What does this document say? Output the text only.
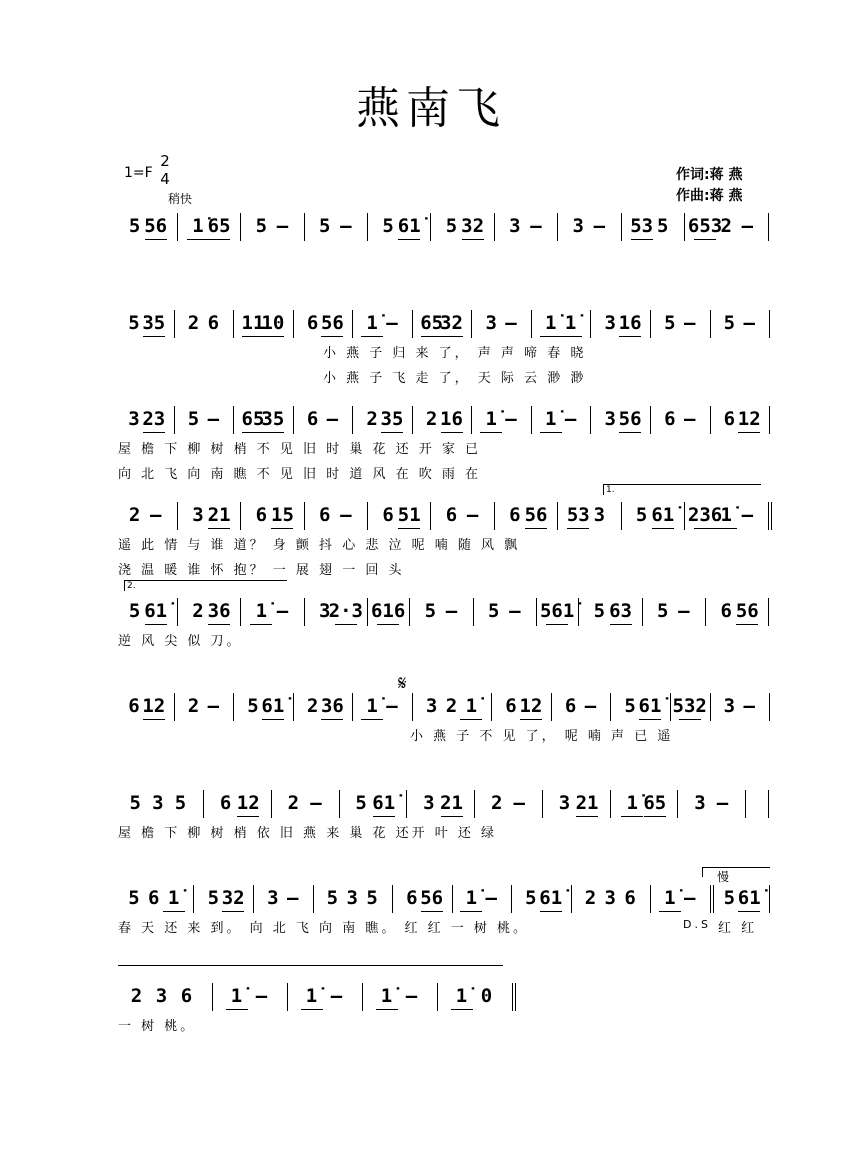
燕南飞
1=F
2
4
稍快
作词:蒋 燕
作曲:蒋 燕
5 56 1̇ 65 5 – 5 – 5 61̇ 5 32 3 – 3 – 53 5 653
2 –
5 35 2 6 11
10 6 56 1̇ – 65
32 3 – 1̇ 1̇ 3 16 5 – 5 –
小 燕 子 归 来 了， 声 声 啼 春 晓
小 燕 子 飞 走 了， 天 际 云 渺 渺
3 23 5 – 65
35 6 – 2 35 2 16 1̇ – 1̇ – 3 56 6 – 6 12
屋 檐 下 柳 树 梢 不 见 旧 时 巢 花 还 开 家 已
向 北 飞 向 南 瞧 不 见 旧 时 道 风 在 吹 雨 在
2 – 3 21 6 15 6 – 6 51 6 – 6 56 53 3 5 61̇ 236
1̇ –
遥 此 情 与 谁 道？ 身 颤 抖 心 悲 泣 呢 喃 随 风 飘
浇 温 暖 谁 怀 抱？ 一 展 翅 一 回 头
1.
5 61̇ 2 36 1̇ – 3
2·3 616 5 – 5 – 561̇ 5 63 5 – 6 56
逆 风 尖 似 刀。
2.
6 12 2 – 5 61̇ 2 36 1̇ – 3 2 1̇ 6 12 6 – 5 61̇ 532 3 –
小 燕 子 不 见 了， 呢 喃 声 已 遥
𝄋
5 3 5 6 12 2 – 5 61̇ 3 21 2 – 3 21 1̇ 65 3 –
屋 檐 下 柳 树 梢 依 旧 燕 来 巢 花 还开 叶 还 绿
5 6 1̇ 5 32 3 – 5 3 5 6 56 1̇ – 5 61̇ 2 3 6 1̇ – 5 61̇
春 天 还 来 到。 向 北 飞 向 南 瞧。 红 红 一 树 桃。
慢
D.S 红 红
2 3 6 1̇ – 1̇ – 1̇ – 1̇ 0
一 树 桃。
